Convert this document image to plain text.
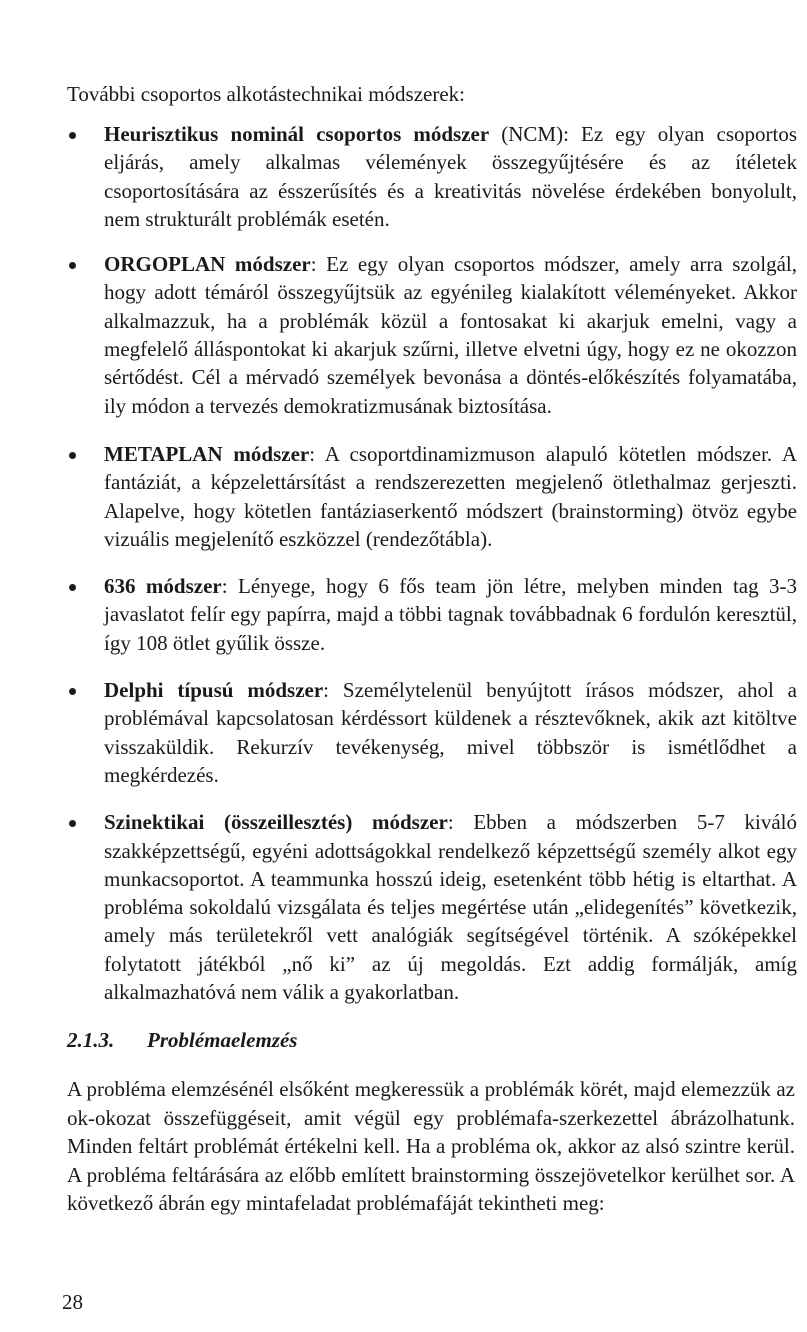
További csoportos alkotástechnikai módszerek:

Heurisztikus nominál csoportos módszer (NCM): Ez egy olyan csoportos eljárás, amely alkalmas vélemények összegyűjtésére és az ítéletek csoportosítására az ésszerűsítés és a kreativitás növelése érdekében bonyolult, nem strukturált problémák esetén.
ORGOPLAN módszer: Ez egy olyan csoportos módszer, amely arra szolgál, hogy adott témáról összegyűjtsük az egyénileg kialakított véleményeket. Akkor alkalmazzuk, ha a problémák közül a fontosakat ki akarjuk emelni, vagy a megfelelő álláspontokat ki akarjuk szűrni, illetve elvetni úgy, hogy ez ne okozzon sértődést. Cél a mérvadó személyek bevonása a döntés-előkészítés folyamatába, ily módon a tervezés demokratizmusának biztosítása.
METAPLAN módszer: A csoportdinamizmuson alapuló kötetlen módszer. A fantáziát, a képzelettársítást a rendszerezetten megjelenő ötlethalmaz gerjeszti. Alapelve, hogy kötetlen fantáziaserkentő módszert (brainstorming) ötvöz egybe vizuális megjelenítő eszközzel (rendezőtábla).
636 módszer: Lényege, hogy 6 fős team jön létre, melyben minden tag 3-3 javaslatot felír egy papírra, majd a többi tagnak továbbadnak 6 fordulón keresztül, így 108 ötlet gyűlik össze.
Delphi típusú módszer: Személytelenül benyújtott írásos módszer, ahol a problémával kapcsolatosan kérdéssort küldenek a résztevőknek, akik azt kitöltve visszaküldik. Rekurzív tevékenység, mivel többször is ismétlődhet a megkérdezés.
Szinektikai (összeillesztés) módszer: Ebben a módszerben 5-7 kiváló szakképzettségű, egyéni adottságokkal rendelkező képzettségű személy alkot egy munkacsoportot. A teammunka hosszú ideig, esetenként több hétig is eltarthat. A probléma sokoldalú vizsgálata és teljes megértése után „elidegenítés” következik, amely más területekről vett analógiák segítségével történik. A szóképekkel folytatott játékból „nő ki” az új megoldás. Ezt addig formálják, amíg alkalmazhatóvá nem válik a gyakorlatban.
2.1.3. Problémaelemzés

A probléma elemzésénél elsőként megkeressük a problémák körét, majd elemezzük az ok-okozat összefüggéseit, amit végül egy problémafa-szerkezettel ábrázolhatunk. Minden feltárt problémát értékelni kell. Ha a probléma ok, akkor az alsó szintre kerül. A probléma feltárására az előbb említett brainstorming összejövetelkor kerülhet sor. A következő ábrán egy mintafeladat problémafáját tekintheti meg:

28
